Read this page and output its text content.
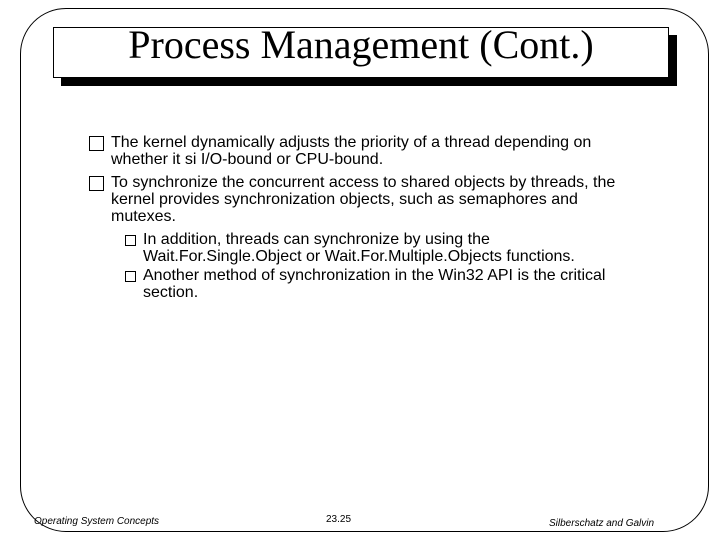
Process Management (Cont.)
The kernel dynamically adjusts the priority of a thread depending on whether it si I/O-bound or CPU-bound.
To synchronize the concurrent access to shared objects by threads, the kernel provides synchronization objects, such as semaphores and mutexes.
In addition, threads can synchronize by using the Wait.For.Single.Object or Wait.For.Multiple.Objects functions.
Another method of synchronization in the Win32 API is the critical section.
Operating System Concepts	23.25	Silberschatz and Galvin
